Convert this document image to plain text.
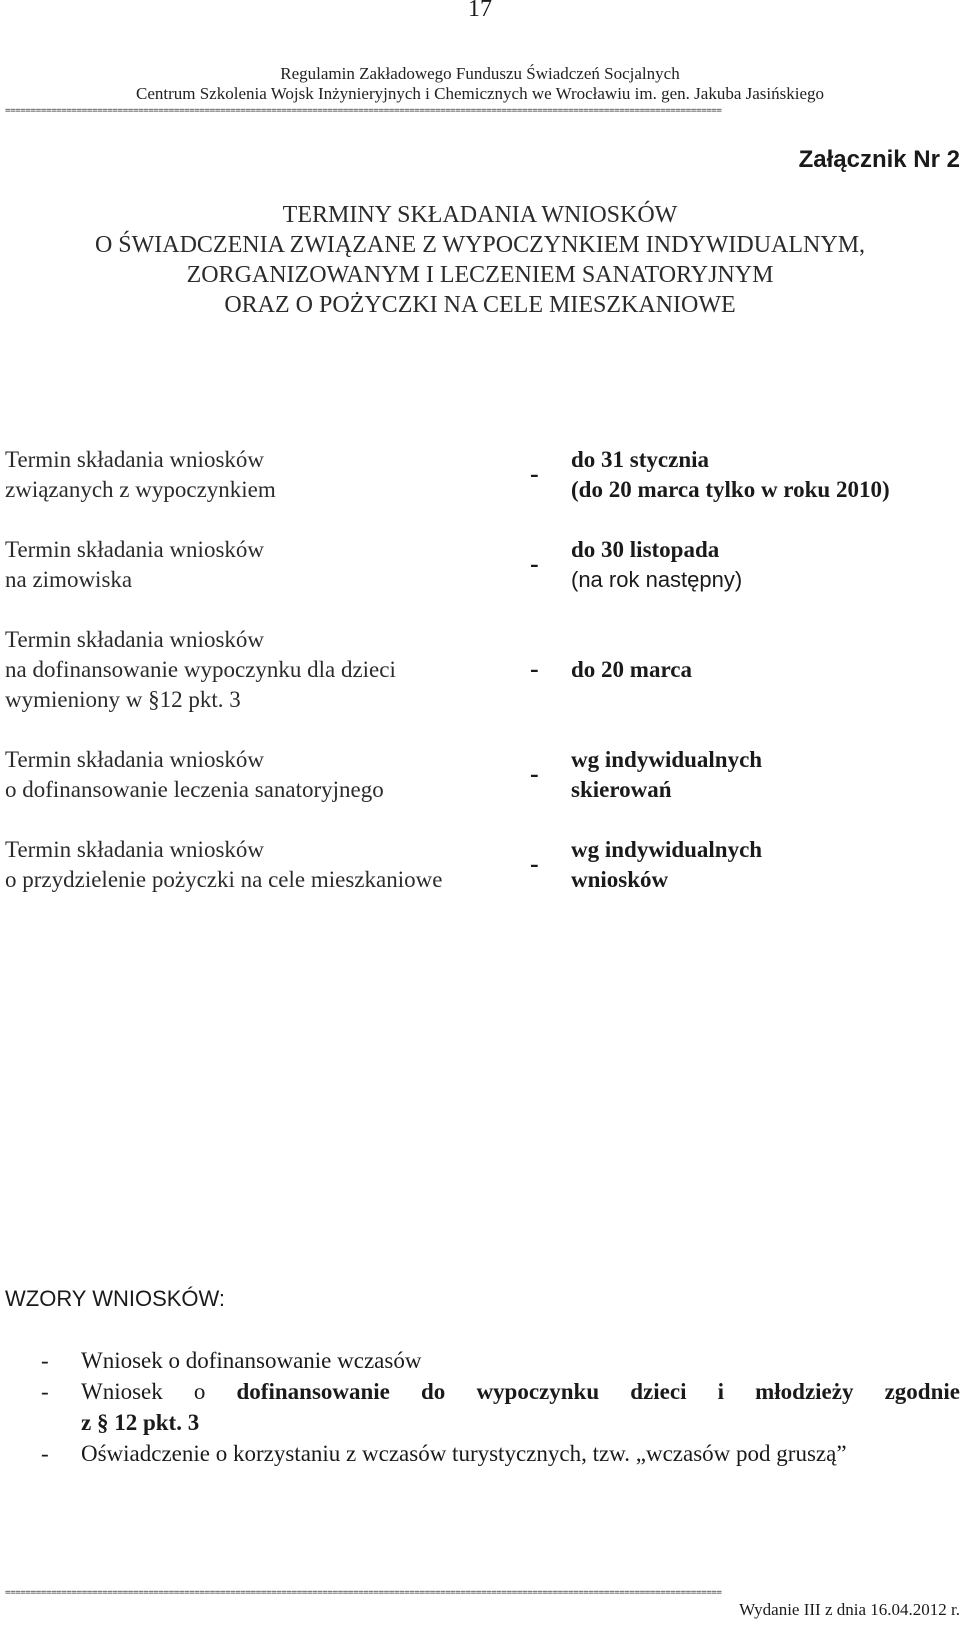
17
Regulamin Zakładowego Funduszu Świadczeń Socjalnych
Centrum Szkolenia Wojsk Inżynieryjnych i Chemicznych we Wrocławiu im. gen. Jakuba Jasińskiego
============================================================================================================================================
Załącznik Nr 2
TERMINY SKŁADANIA WNIOSKÓW
O ŚWIADCZENIA ZWIĄZANE Z WYPOCZYNKIEM INDYWIDUALNYM,
ZORGANIZOWANYM I LECZENIEM SANATORYJNYM
ORAZ O POŻYCZKI NA CELE MIESZKANIOWE
Termin składania wniosków
związanych z wypoczynkiem
- do 31 stycznia
(do 20 marca tylko w roku 2010)
Termin składania wniosków
na zimowiska
- do 30 listopada
(na rok następny)
Termin składania wniosków
na dofinansowanie wypoczynku dla dzieci
wymieniony w §12 pkt. 3
- do 20 marca
Termin składania wniosków
o dofinansowanie leczenia sanatoryjnego
- wg indywidualnych
skierowań
Termin składania wniosków
o przydzielenie pożyczki na cele mieszkaniowe
- wg indywidualnych
wniosków
WZORY WNIOSKÓW:
- Wniosek o dofinansowanie wczasów
- Wniosek o dofinansowanie do wypoczynku dzieci i młodzieży zgodnie
z § 12 pkt. 3
- Oświadczenie o korzystaniu z wczasów turystycznych, tzw. „wczasów pod gruszą”
============================================================================================================================================
Wydanie III z dnia 16.04.2012 r.
